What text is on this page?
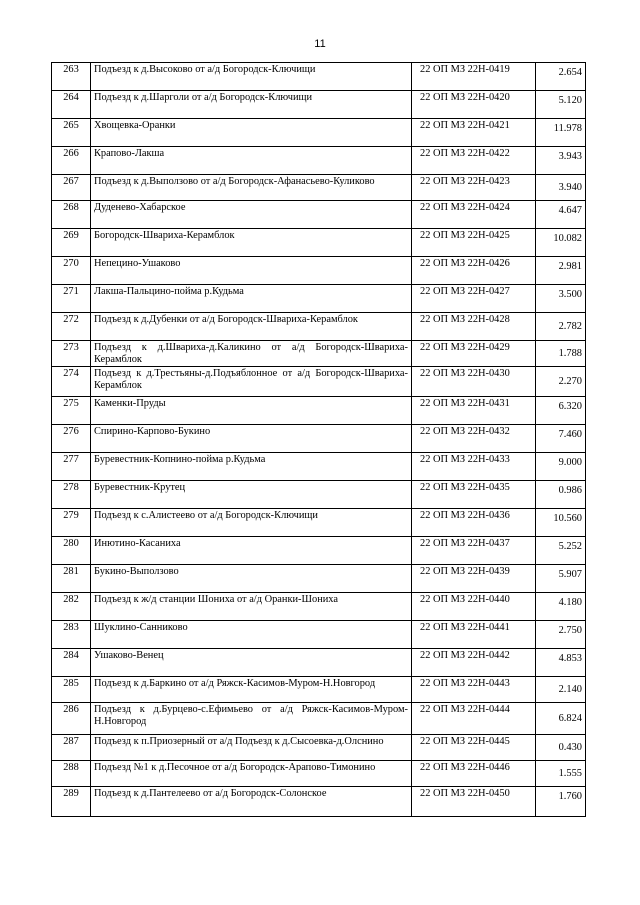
11
263	Подъезд к д.Высоково от а/д Богородск-Ключищи	22 ОП МЗ 22Н-0419	2.654
264	Подъезд к д.Шарголи от а/д Богородск-Ключищи	22 ОП МЗ 22Н-0420	5.120
265	Хвощевка-Оранки	22 ОП МЗ 22Н-0421	11.978
266	Крапово-Лакша	22 ОП МЗ 22Н-0422	3.943
267	Подъезд к д.Выползово от а/д Богородск-Афанасьево-Куликово	22 ОП МЗ 22Н-0423	3.940
268	Дуденево-Хабарское	22 ОП МЗ 22Н-0424	4.647
269	Богородск-Швариха-Керамблок	22 ОП МЗ 22Н-0425	10.082
270	Непецино-Ушаково	22 ОП МЗ 22Н-0426	2.981
271	Лакша-Пальцино-пойма р.Кудьма	22 ОП МЗ 22Н-0427	3.500
272	Подъезд к д.Дубенки от а/д Богородск-Швариха-Керамблок	22 ОП МЗ 22Н-0428	2.782
273	Подъезд к д.Швариха-д.Каликино от а/д Богородск-Швариха-Керамблок	22 ОП МЗ 22Н-0429	1.788
274	Подъезд к д.Трестьяны-д.Подъяблонное от а/д Богородск-Швариха-Керамблок	22 ОП МЗ 22Н-0430	2.270
275	Каменки-Пруды	22 ОП МЗ 22Н-0431	6.320
276	Спирино-Карпово-Букино	22 ОП МЗ 22Н-0432	7.460
277	Буревестник-Копнино-пойма р.Кудьма	22 ОП МЗ 22Н-0433	9.000
278	Буревестник-Крутец	22 ОП МЗ 22Н-0435	0.986
279	Подъезд к с.Алистеево от а/д Богородск-Ключищи	22 ОП МЗ 22Н-0436	10.560
280	Инютино-Касаниха	22 ОП МЗ 22Н-0437	5.252
281	Букино-Выползово	22 ОП МЗ 22Н-0439	5.907
282	Подъезд к ж/д станции Шониха от а/д Оранки-Шониха	22 ОП МЗ 22Н-0440	4.180
283	Шуклино-Санниково	22 ОП МЗ 22Н-0441	2.750
284	Ушаково-Венец	22 ОП МЗ 22Н-0442	4.853
285	Подъезд к д.Баркино от а/д Ряжск-Касимов-Муром-Н.Новгород	22 ОП МЗ 22Н-0443	2.140
286	Подъезд к д.Бурцево-с.Ефимьево от а/д Ряжск-Касимов-Муром-Н.Новгород	22 ОП МЗ 22Н-0444	6.824
287	Подъезд к п.Приозерный от а/д Подъезд к д.Сысоевка-д.Олснино	22 ОП МЗ 22Н-0445	0.430
288	Подъезд №1 к д.Песочное от а/д Богородск-Араповo-Тимонино	22 ОП МЗ 22Н-0446	1.555
289	Подъезд к д.Пантелеево от а/д Богородск-Солонское	22 ОП МЗ 22Н-0450	1.760
